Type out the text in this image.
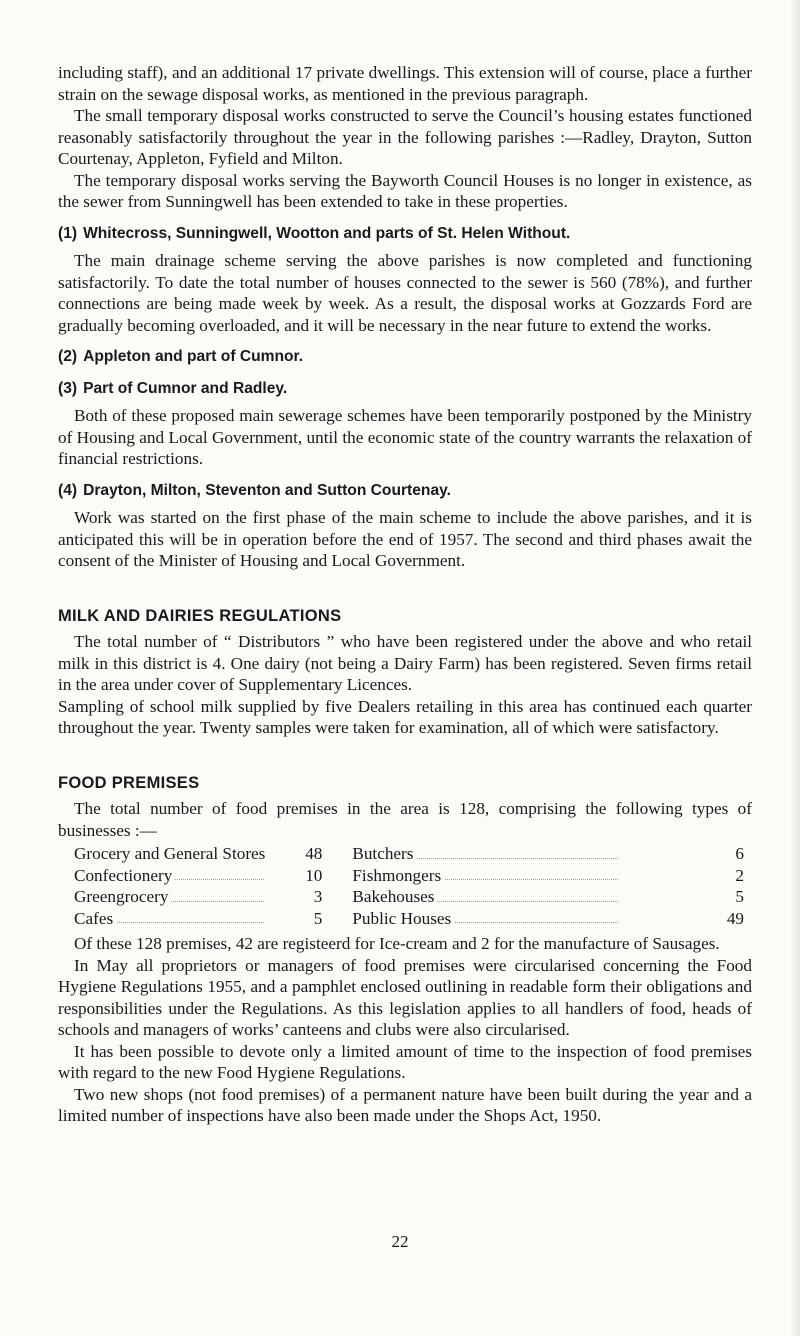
including staff), and an additional 17 private dwellings. This extension will of course, place a further strain on the sewage disposal works, as mentioned in the previous paragraph.

The small temporary disposal works constructed to serve the Council’s housing estates functioned reasonably satisfactorily throughout the year in the following parishes :—Radley, Drayton, Sutton Courtenay, Appleton, Fyfield and Milton.

The temporary disposal works serving the Bayworth Council Houses is no longer in existence, as the sewer from Sunningwell has been extended to take in these properties.

(1) Whitecross, Sunningwell, Wootton and parts of St. Helen Without.

The main drainage scheme serving the above parishes is now completed and functioning satisfactorily. To date the total number of houses connected to the sewer is 560 (78%), and further connections are being made week by week. As a result, the disposal works at Gozzards Ford are gradually becoming overloaded, and it will be necessary in the near future to extend the works.

(2) Appleton and part of Cumnor.
(3) Part of Cumnor and Radley.

Both of these proposed main sewerage schemes have been temporarily postponed by the Ministry of Housing and Local Government, until the economic state of the country warrants the relaxation of financial restrictions.

(4) Drayton, Milton, Steventon and Sutton Courtenay.

Work was started on the first phase of the main scheme to include the above parishes, and it is anticipated this will be in operation before the end of 1957. The second and third phases await the consent of the Minister of Housing and Local Government.

MILK AND DAIRIES REGULATIONS

The total number of “ Distributors ” who have been registered under the above and who retail milk in this district is 4. One dairy (not being a Dairy Farm) has been registered. Seven firms retail in the area under cover of Supplementary Licences.

Sampling of school milk supplied by five Dealers retailing in this area has continued each quarter throughout the year. Twenty samples were taken for examination, all of which were satisfactory.

FOOD PREMISES

The total number of food premises in the area is 128, comprising the following types of businesses :—

Grocery and General Stores	48	Butchers	6
Confectionery	10	Fishmongers	2
Greengrocery	3	Bakehouses	5
Cafes	5	Public Houses	49

Of these 128 premises, 42 are registeerd for Ice-cream and 2 for the manufacture of Sausages.

In May all proprietors or managers of food premises were circularised concerning the Food Hygiene Regulations 1955, and a pamphlet enclosed outlining in readable form their obligations and responsibilities under the Regulations. As this legislation applies to all handlers of food, heads of schools and managers of works’ canteens and clubs were also circularised.

It has been possible to devote only a limited amount of time to the inspection of food premises with regard to the new Food Hygiene Regulations.

Two new shops (not food premises) of a permanent nature have been built during the year and a limited number of inspections have also been made under the Shops Act, 1950.

22
